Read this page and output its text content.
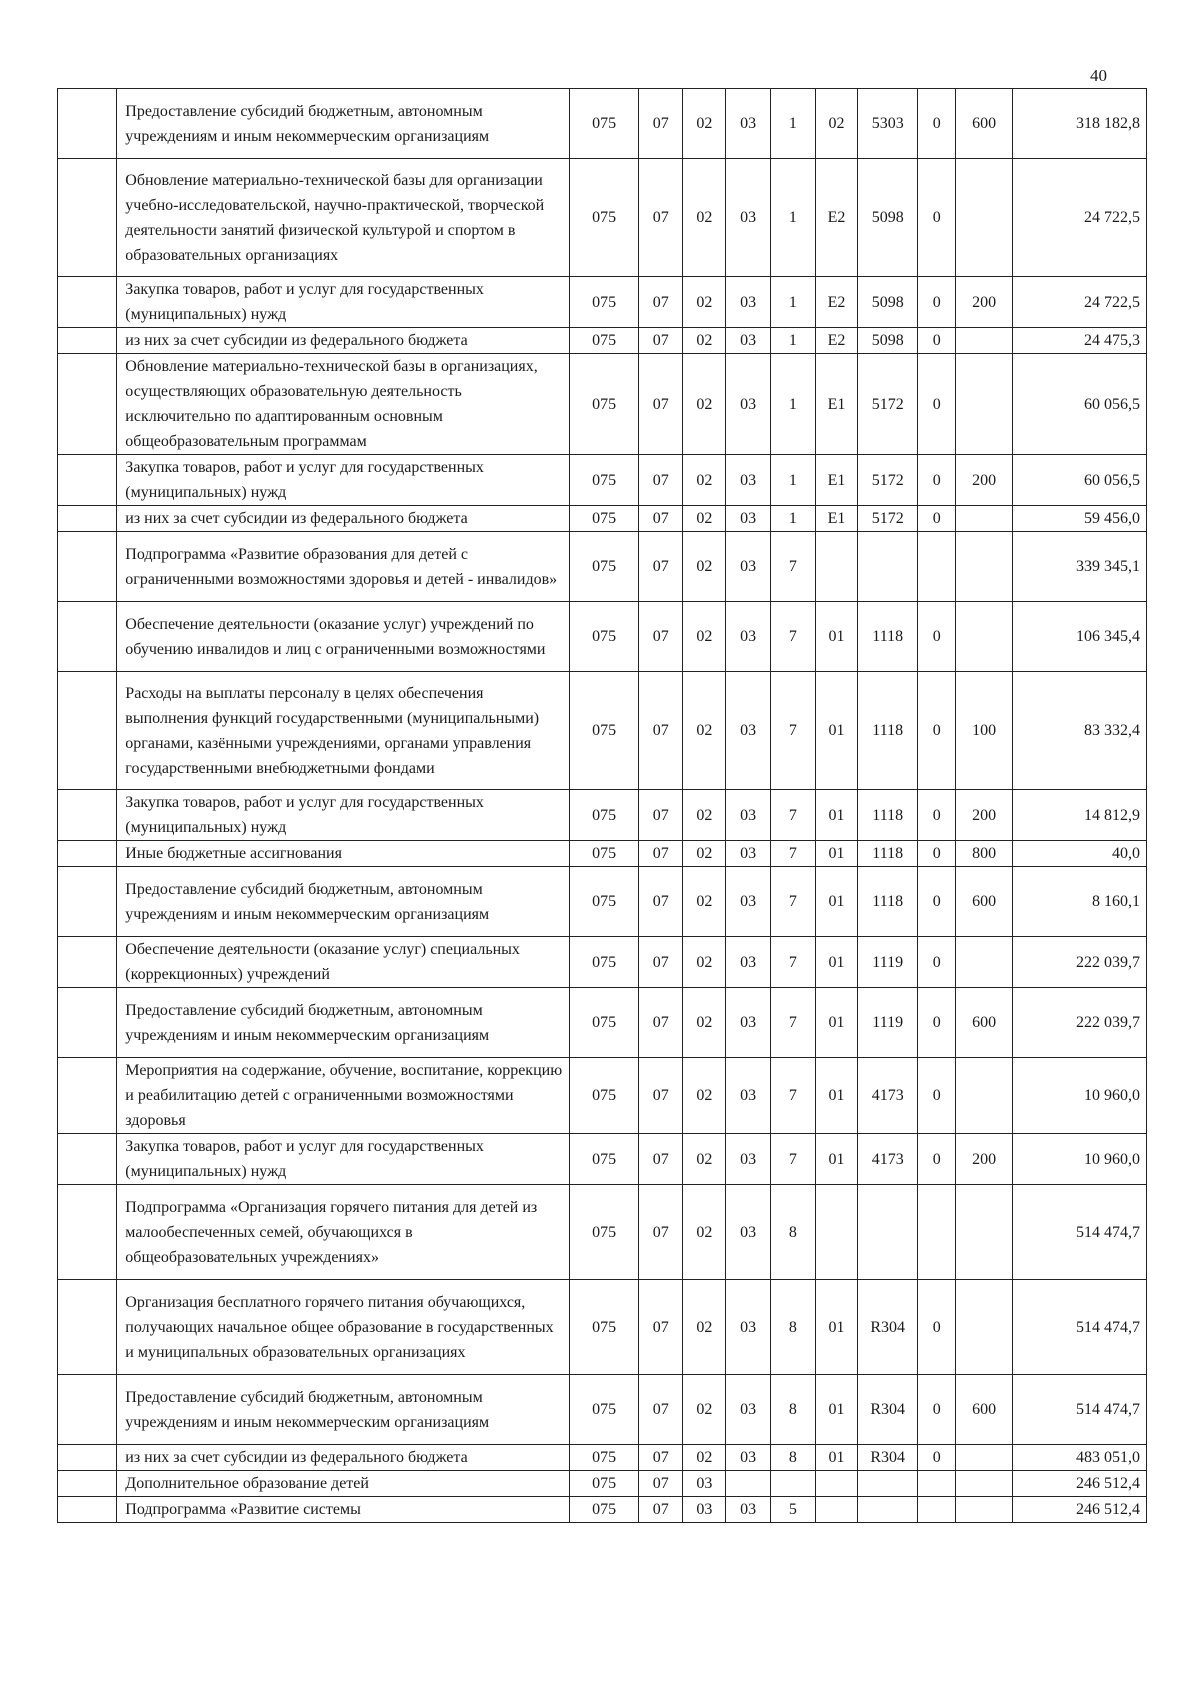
40
	Предоставление субсидий бюджетным, автономным учреждениям и иным некоммерческим организациям	075	07	02	03	1	02	5303	0	600	318 182,8
	Обновление материально-технической базы для организации учебно-исследовательской, научно-практической, творческой деятельности занятий физической культурой и спортом в образовательных организациях	075	07	02	03	1	E2	5098	0		24 722,5
	Закупка товаров, работ и услуг для государственных (муниципальных) нужд	075	07	02	03	1	E2	5098	0	200	24 722,5
	из них за счет субсидии из федерального бюджета	075	07	02	03	1	E2	5098	0		24 475,3
	Обновление материально-технической базы в организациях, осуществляющих образовательную деятельность исключительно по адаптированным основным общеобразовательным программам	075	07	02	03	1	E1	5172	0		60 056,5
	Закупка товаров, работ и услуг для государственных (муниципальных) нужд	075	07	02	03	1	E1	5172	0	200	60 056,5
	из них за счет субсидии из федерального бюджета	075	07	02	03	1	E1	5172	0		59 456,0
	Подпрограмма «Развитие образования для детей с ограниченными возможностями здоровья и детей - инвалидов»	075	07	02	03	7					339 345,1
	Обеспечение деятельности (оказание услуг) учреждений по обучению инвалидов и лиц с ограниченными возможностями	075	07	02	03	7	01	1118	0		106 345,4
	Расходы на выплаты персоналу в целях обеспечения выполнения функций государственными (муниципальными) органами, казёнными учреждениями, органами управления государственными внебюджетными фондами	075	07	02	03	7	01	1118	0	100	83 332,4
	Закупка товаров, работ и услуг для государственных (муниципальных) нужд	075	07	02	03	7	01	1118	0	200	14 812,9
	Иные бюджетные ассигнования	075	07	02	03	7	01	1118	0	800	40,0
	Предоставление субсидий бюджетным, автономным учреждениям и иным некоммерческим организациям	075	07	02	03	7	01	1118	0	600	8 160,1
	Обеспечение деятельности (оказание услуг) специальных (коррекционных) учреждений	075	07	02	03	7	01	1119	0		222 039,7
	Предоставление субсидий бюджетным, автономным учреждениям и иным некоммерческим организациям	075	07	02	03	7	01	1119	0	600	222 039,7
	Мероприятия на содержание, обучение, воспитание, коррекцию и реабилитацию детей с ограниченными возможностями здоровья	075	07	02	03	7	01	4173	0		10 960,0
	Закупка товаров, работ и услуг для государственных (муниципальных) нужд	075	07	02	03	7	01	4173	0	200	10 960,0
	Подпрограмма «Организация горячего питания для детей из малообеспеченных семей, обучающихся в общеобразовательных учреждениях»	075	07	02	03	8					514 474,7
	Организация бесплатного горячего питания обучающихся, получающих начальное общее образование в государственных и муниципальных образовательных организациях	075	07	02	03	8	01	R304	0		514 474,7
	Предоставление субсидий бюджетным, автономным учреждениям и иным некоммерческим организациям	075	07	02	03	8	01	R304	0	600	514 474,7
	из них за счет субсидии из федерального бюджета	075	07	02	03	8	01	R304	0		483 051,0
	Дополнительное образование детей	075	07	03							246 512,4
	Подпрограмма «Развитие системы	075	07	03	03	5					246 512,4
